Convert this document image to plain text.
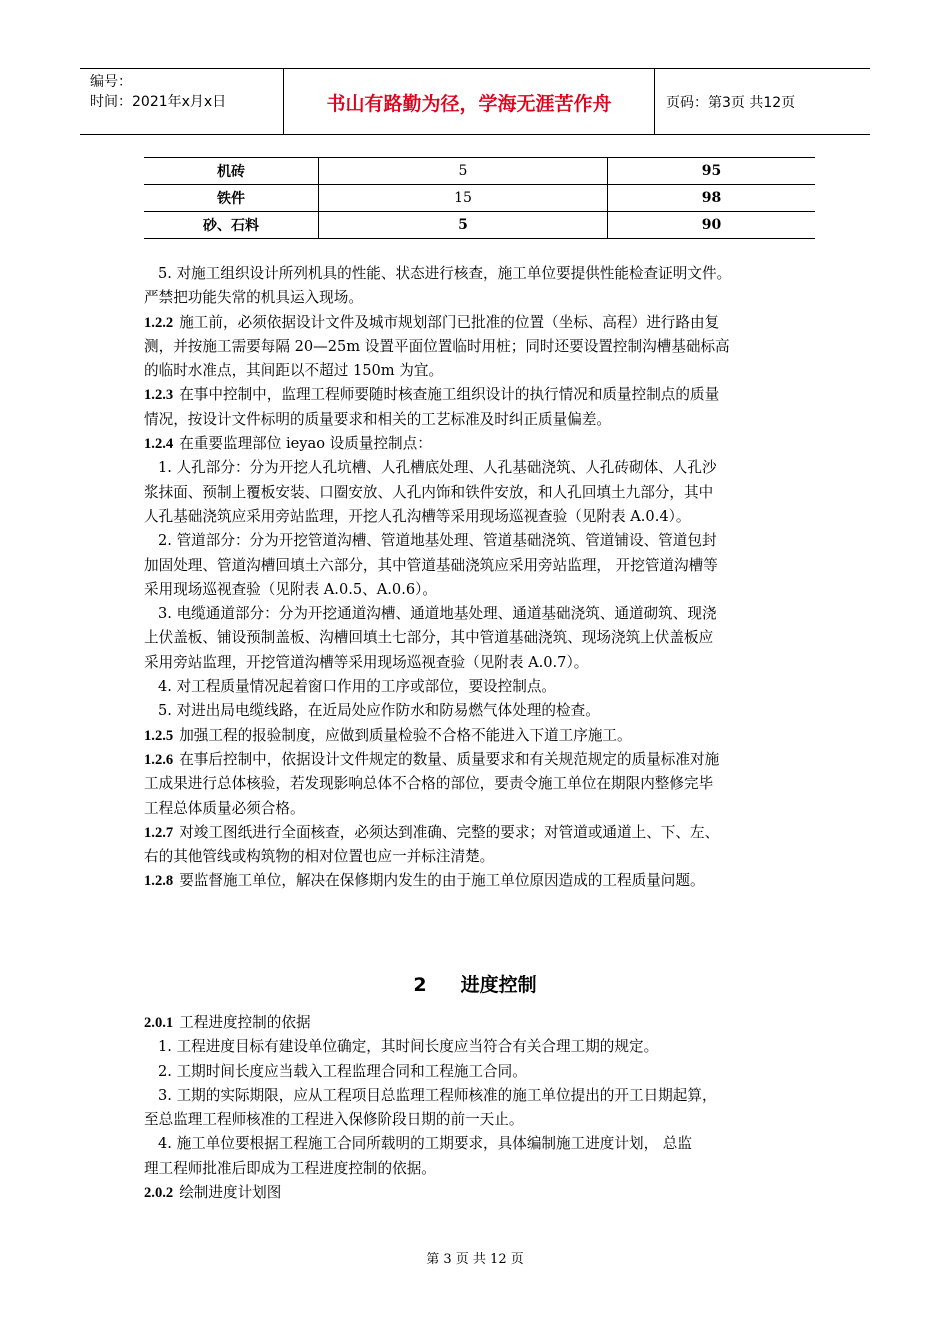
编号：
时间：2021年x月x日	书山有路勤为径，学海无涯苦作舟	页码：第3页 共12页
机砖	5	95
铁件	15	98
砂、石料	5	90

5. 对施工组织设计所列机具的性能、状态进行核查，施工单位要提供性能检查证明文件。

严禁把功能失常的机具运入现场。

1.2.2 施工前，必须依据设计文件及城市规划部门已批准的位置（坐标、高程）进行路由复

测，并按施工需要每隔 20—25m 设置平面位置临时用桩；同时还要设置控制沟槽基础标高

的临时水准点，其间距以不超过 150m 为宜。

1.2.3 在事中控制中，监理工程师要随时核查施工组织设计的执行情况和质量控制点的质量

情况，按设计文件标明的质量要求和相关的工艺标准及时纠正质量偏差。

1.2.4 在重要监理部位 ieyao 设质量控制点：

1. 人孔部分：分为开挖人孔坑槽、人孔槽底处理、人孔基础浇筑、人孔砖砌体、人孔沙

浆抹面、预制上覆板安装、口圈安放、人孔内饰和铁件安放，和人孔回填土九部分，其中

人孔基础浇筑应采用旁站监理，开挖人孔沟槽等采用现场巡视查验（见附表 A.0.4）。

2. 管道部分：分为开挖管道沟槽、管道地基处理、管道基础浇筑、管道铺设、管道包封

加固处理、管道沟槽回填土六部分，其中管道基础浇筑应采用旁站监理， 开挖管道沟槽等

采用现场巡视查验（见附表 A.0.5、A.0.6）。

3. 电缆通道部分：分为开挖通道沟槽、通道地基处理、通道基础浇筑、通道砌筑、现浇

上伏盖板、铺设预制盖板、沟槽回填土七部分，其中管道基础浇筑、现场浇筑上伏盖板应

采用旁站监理，开挖管道沟槽等采用现场巡视查验（见附表 A.0.7）。

4. 对工程质量情况起着窗口作用的工序或部位，要设控制点。

5. 对进出局电缆线路，在近局处应作防水和防易燃气体处理的检查。

1.2.5 加强工程的报验制度，应做到质量检验不合格不能进入下道工序施工。

1.2.6 在事后控制中，依据设计文件规定的数量、质量要求和有关规范规定的质量标准对施

工成果进行总体核验，若发现影响总体不合格的部位，要责令施工单位在期限内整修完毕

工程总体质量必须合格。

1.2.7 对竣工图纸进行全面核查，必须达到准确、完整的要求；对管道或通道上、下、左、

右的其他管线或构筑物的相对位置也应一并标注清楚。

1.2.8 要监督施工单位，解决在保修期内发生的由于施工单位原因造成的工程质量问题。

2 进度控制

2.0.1 工程进度控制的依据

1. 工程进度目标有建设单位确定，其时间长度应当符合有关合理工期的规定。

2. 工期时间长度应当载入工程监理合同和工程施工合同。

3. 工期的实际期限，应从工程项目总监理工程师核准的施工单位提出的开工日期起算，

至总监理工程师核准的工程进入保修阶段日期的前一天止。

4. 施工单位要根据工程施工合同所载明的工期要求，具体编制施工进度计划， 总监

理工程师批准后即成为工程进度控制的依据。

2.0.2 绘制进度计划图

第 3 页 共 12 页
